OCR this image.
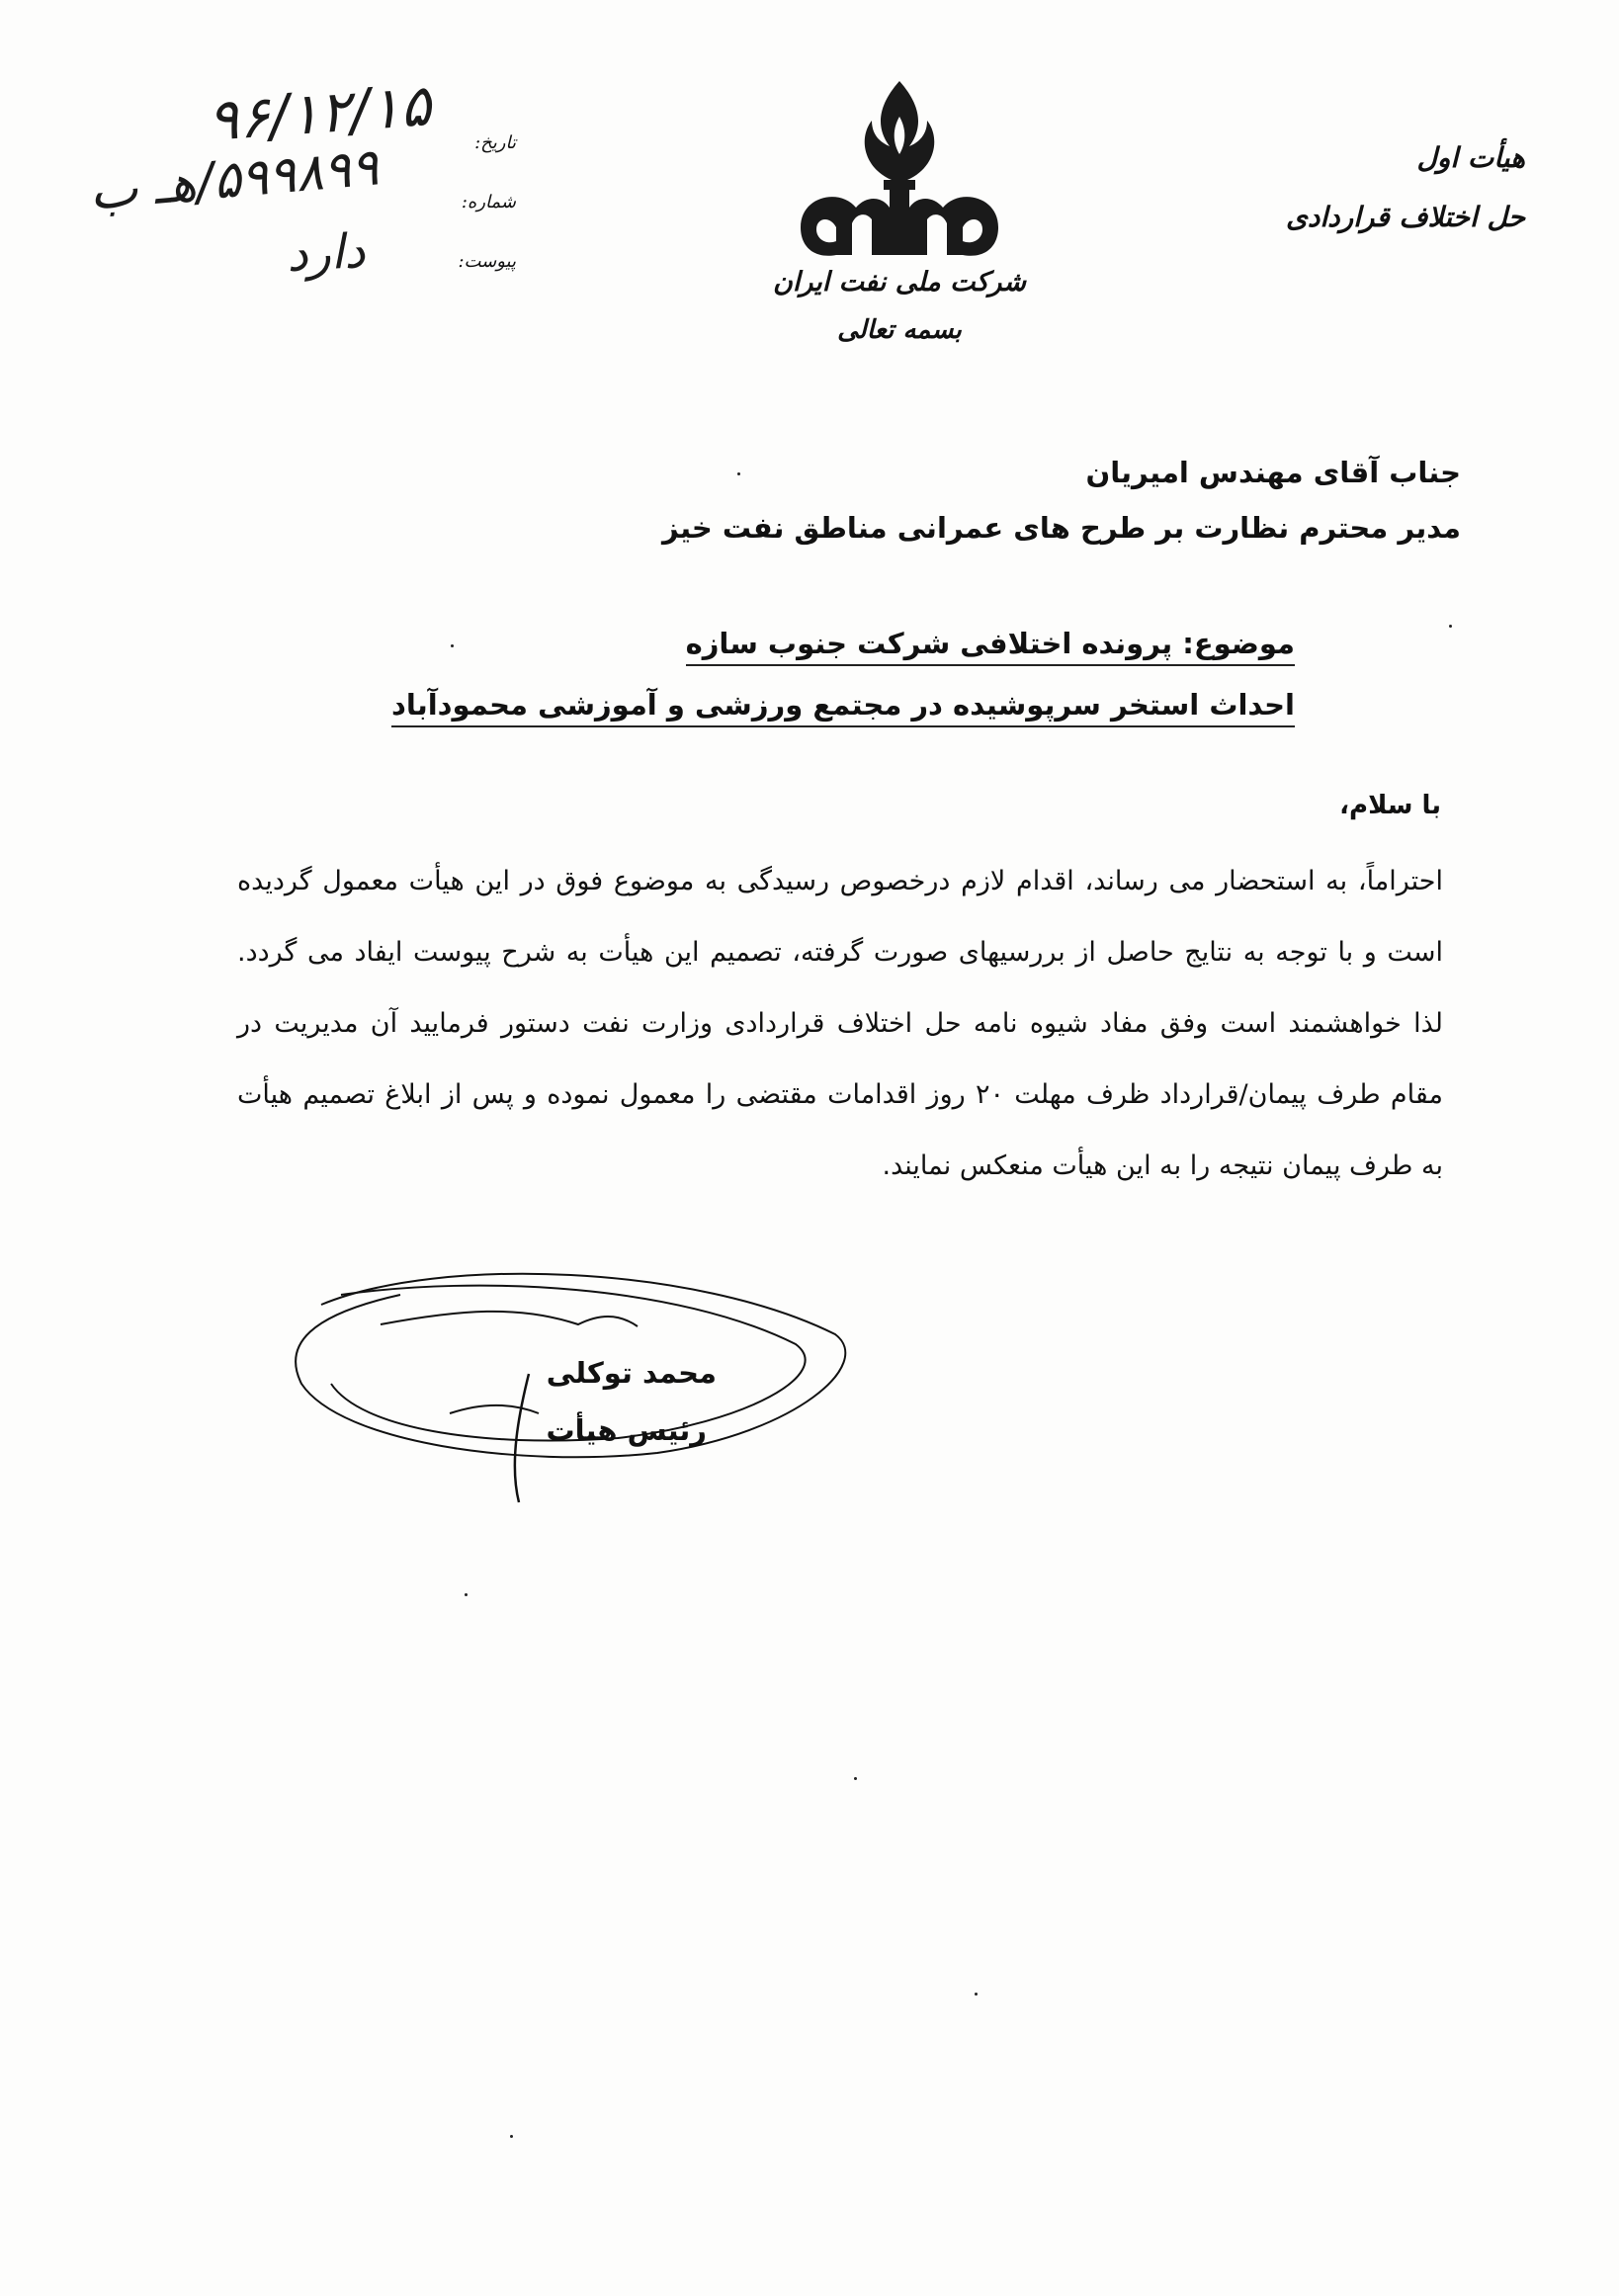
هیأت اول
حل اختلاف قراردادی
شرکت ملی نفت ایران
بسمه تعالی
تاریخ:
شماره:
پیوست:
۹۶/۱۲/۱۵
۵۹۹۸۹۹/هـ ب
دارد
جناب آقای مهندس امیریان
مدیر محترم نظارت بر طرح های عمرانی مناطق نفت خیز
موضوع: پرونده اختلافی شرکت جنوب سازه
احداث استخر سرپوشیده در مجتمع ورزشی و آموزشی محمودآباد
با سلام،
احتراماً، به استحضار می رساند، اقدام لازم درخصوص رسیدگی به موضوع فوق در این هیأت معمول گردیده است و با توجه به نتایج حاصل از بررسیهای صورت گرفته، تصمیم این هیأت به شرح پیوست ایفاد می گردد. لذا خواهشمند است وفق مفاد شیوه نامه حل اختلاف قراردادی وزارت نفت دستور فرمایید آن مدیریت در مقام طرف پیمان/قرارداد ظرف مهلت ۲۰ روز اقدامات مقتضی را معمول نموده و پس از ابلاغ تصمیم هیأت به طرف پیمان نتیجه را به این هیأت منعکس نمایند.
محمد توکلی
رئیس هیأت
